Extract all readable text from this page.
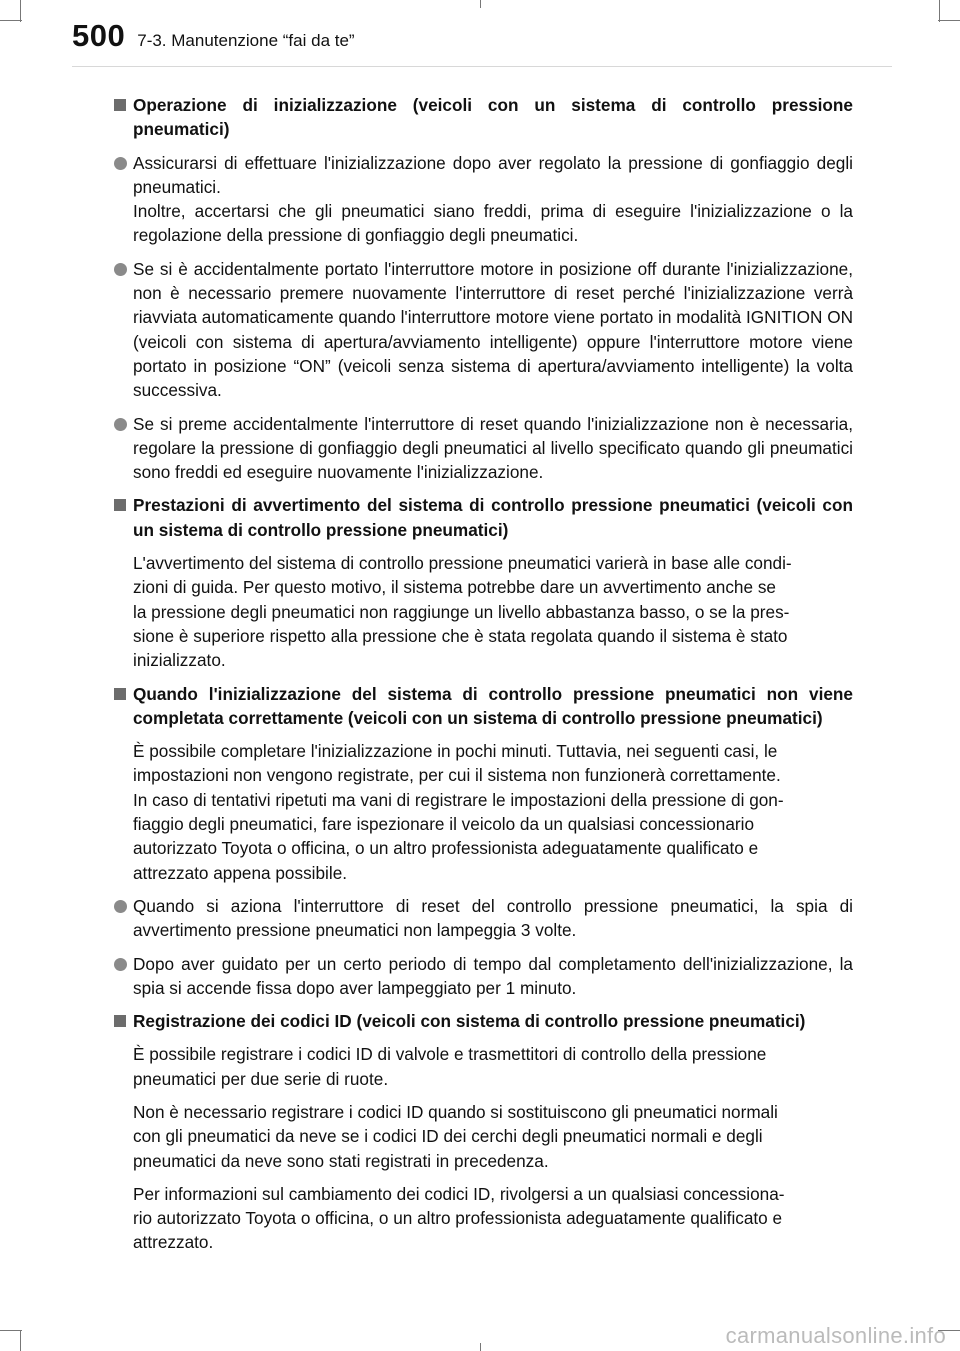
500 7-3. Manutenzione “fai da te”
Operazione di inizializzazione (veicoli con un sistema di controllo pressione pneumatici)
Assicurarsi di effettuare l'inizializzazione dopo aver regolato la pressione di gonfiaggio degli pneumatici.
Inoltre, accertarsi che gli pneumatici siano freddi, prima di eseguire l'inizializzazione o la regolazione della pressione di gonfiaggio degli pneumatici.
Se si è accidentalmente portato l'interruttore motore in posizione off durante l'inizializzazione, non è necessario premere nuovamente l'interruttore di reset perché l'inizializzazione verrà riavviata automaticamente quando l'interruttore motore viene portato in modalità IGNITION ON (veicoli con sistema di apertura/avviamento intelligente) oppure l'interruttore motore viene portato in posizione “ON” (veicoli senza sistema di apertura/avviamento intelligente) la volta successiva.
Se si preme accidentalmente l'interruttore di reset quando l'inizializzazione non è necessaria, regolare la pressione di gonfiaggio degli pneumatici al livello specificato quando gli pneumatici sono freddi ed eseguire nuovamente l'inizializzazione.
Prestazioni di avvertimento del sistema di controllo pressione pneumatici (veicoli con un sistema di controllo pressione pneumatici)
L'avvertimento del sistema di controllo pressione pneumatici varierà in base alle condi-
zioni di guida. Per questo motivo, il sistema potrebbe dare un avvertimento anche se
la pressione degli pneumatici non raggiunge un livello abbastanza basso, o se la pres-
sione è superiore rispetto alla pressione che è stata regolata quando il sistema è stato
inizializzato.
Quando l'inizializzazione del sistema di controllo pressione pneumatici non viene completata correttamente (veicoli con un sistema di controllo pressione pneumatici)
È possibile completare l'inizializzazione in pochi minuti. Tuttavia, nei seguenti casi, le
impostazioni non vengono registrate, per cui il sistema non funzionerà correttamente.
In caso di tentativi ripetuti ma vani di registrare le impostazioni della pressione di gon-
fiaggio degli pneumatici, fare ispezionare il veicolo da un qualsiasi concessionario
autorizzato Toyota o officina, o un altro professionista adeguatamente qualificato e
attrezzato appena possibile.
Quando si aziona l'interruttore di reset del controllo pressione pneumatici, la spia di avvertimento pressione pneumatici non lampeggia 3 volte.
Dopo aver guidato per un certo periodo di tempo dal completamento dell'inizializzazione, la spia si accende fissa dopo aver lampeggiato per 1 minuto.
Registrazione dei codici ID (veicoli con sistema di controllo pressione pneumatici)
È possibile registrare i codici ID di valvole e trasmettitori di controllo della pressione
pneumatici per due serie di ruote.
Non è necessario registrare i codici ID quando si sostituiscono gli pneumatici normali
con gli pneumatici da neve se i codici ID dei cerchi degli pneumatici normali e degli
pneumatici da neve sono stati registrati in precedenza.
Per informazioni sul cambiamento dei codici ID, rivolgersi a un qualsiasi concessiona-
rio autorizzato Toyota o officina, o un altro professionista adeguatamente qualificato e
attrezzato.
carmanualsonline.info
